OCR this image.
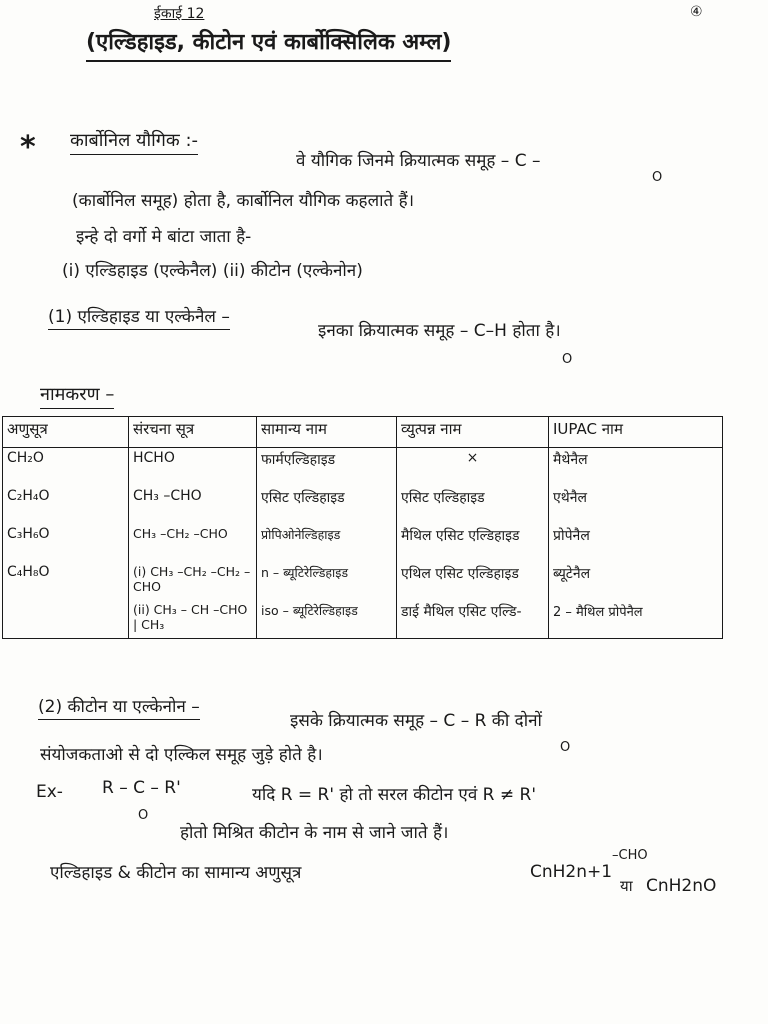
ईकाई 12	④
(एल्डिहाइड, कीटोन एवं कार्बोक्सिलिक अम्ल)
* कार्बोनिल यौगिक :-
वे यौगिक जिनमे क्रियात्मक समूह – C –
O
(कार्बोनिल समूह) होता है, कार्बोनिल यौगिक कहलाते हैं।
इन्हे दो वर्गो मे बांटा जाता है-
(i) एल्डिहाइड (एल्केनैल) (ii) कीटोन (एल्केनोन)
(1) एल्डिहाइड या एल्केनैल –
इनका क्रियात्मक समूह – C–H होता है।
O
नामकरण –
अणुसूत्र	संरचना सूत्र	सामान्य नाम	व्युत्पन्न नाम	IUPAC नाम
CH₂O	HCHO	फार्मएल्डिहाइड	×	मैथेनैल
C₂H₄O	CH₃ –CHO	एसिट एल्डिहाइड	एसिट एल्डिहाइड	एथेनैल
C₃H₆O	CH₃ –CH₂ –CHO	प्रोपिओनेल्डिहाइड	मैथिल एसिट एल्डिहाइड	प्रोपेनैल
C₄H₈O	(i) CH₃ –CH₂ –CH₂ –CHO	n – ब्यूटिरेल्डिहाइड	एथिल एसिट एल्डिहाइड	ब्यूटेनैल
	(ii) CH₃ – CH –CHO | CH₃	iso – ब्यूटिरेल्डिहाइड	डाई मैथिल एसिट एल्डि-	2 – मैथिल प्रोपेनैल
(2) कीटोन या एल्केनोन –
इसके क्रियात्मक समूह – C – R की दोनों
O
संयोजकताओ से दो एल्किल समूह जुड़े होते है।
Ex- R – C – R'
O
यदि R = R' हो तो सरल कीटोन एवं R ≠ R'
होतो मिश्रित कीटोन के नाम से जाने जाते हैं।
एल्डिहाइड & कीटोन का सामान्य अणुसूत्र	CnH2n+1
–CHO
या CnH2nO
